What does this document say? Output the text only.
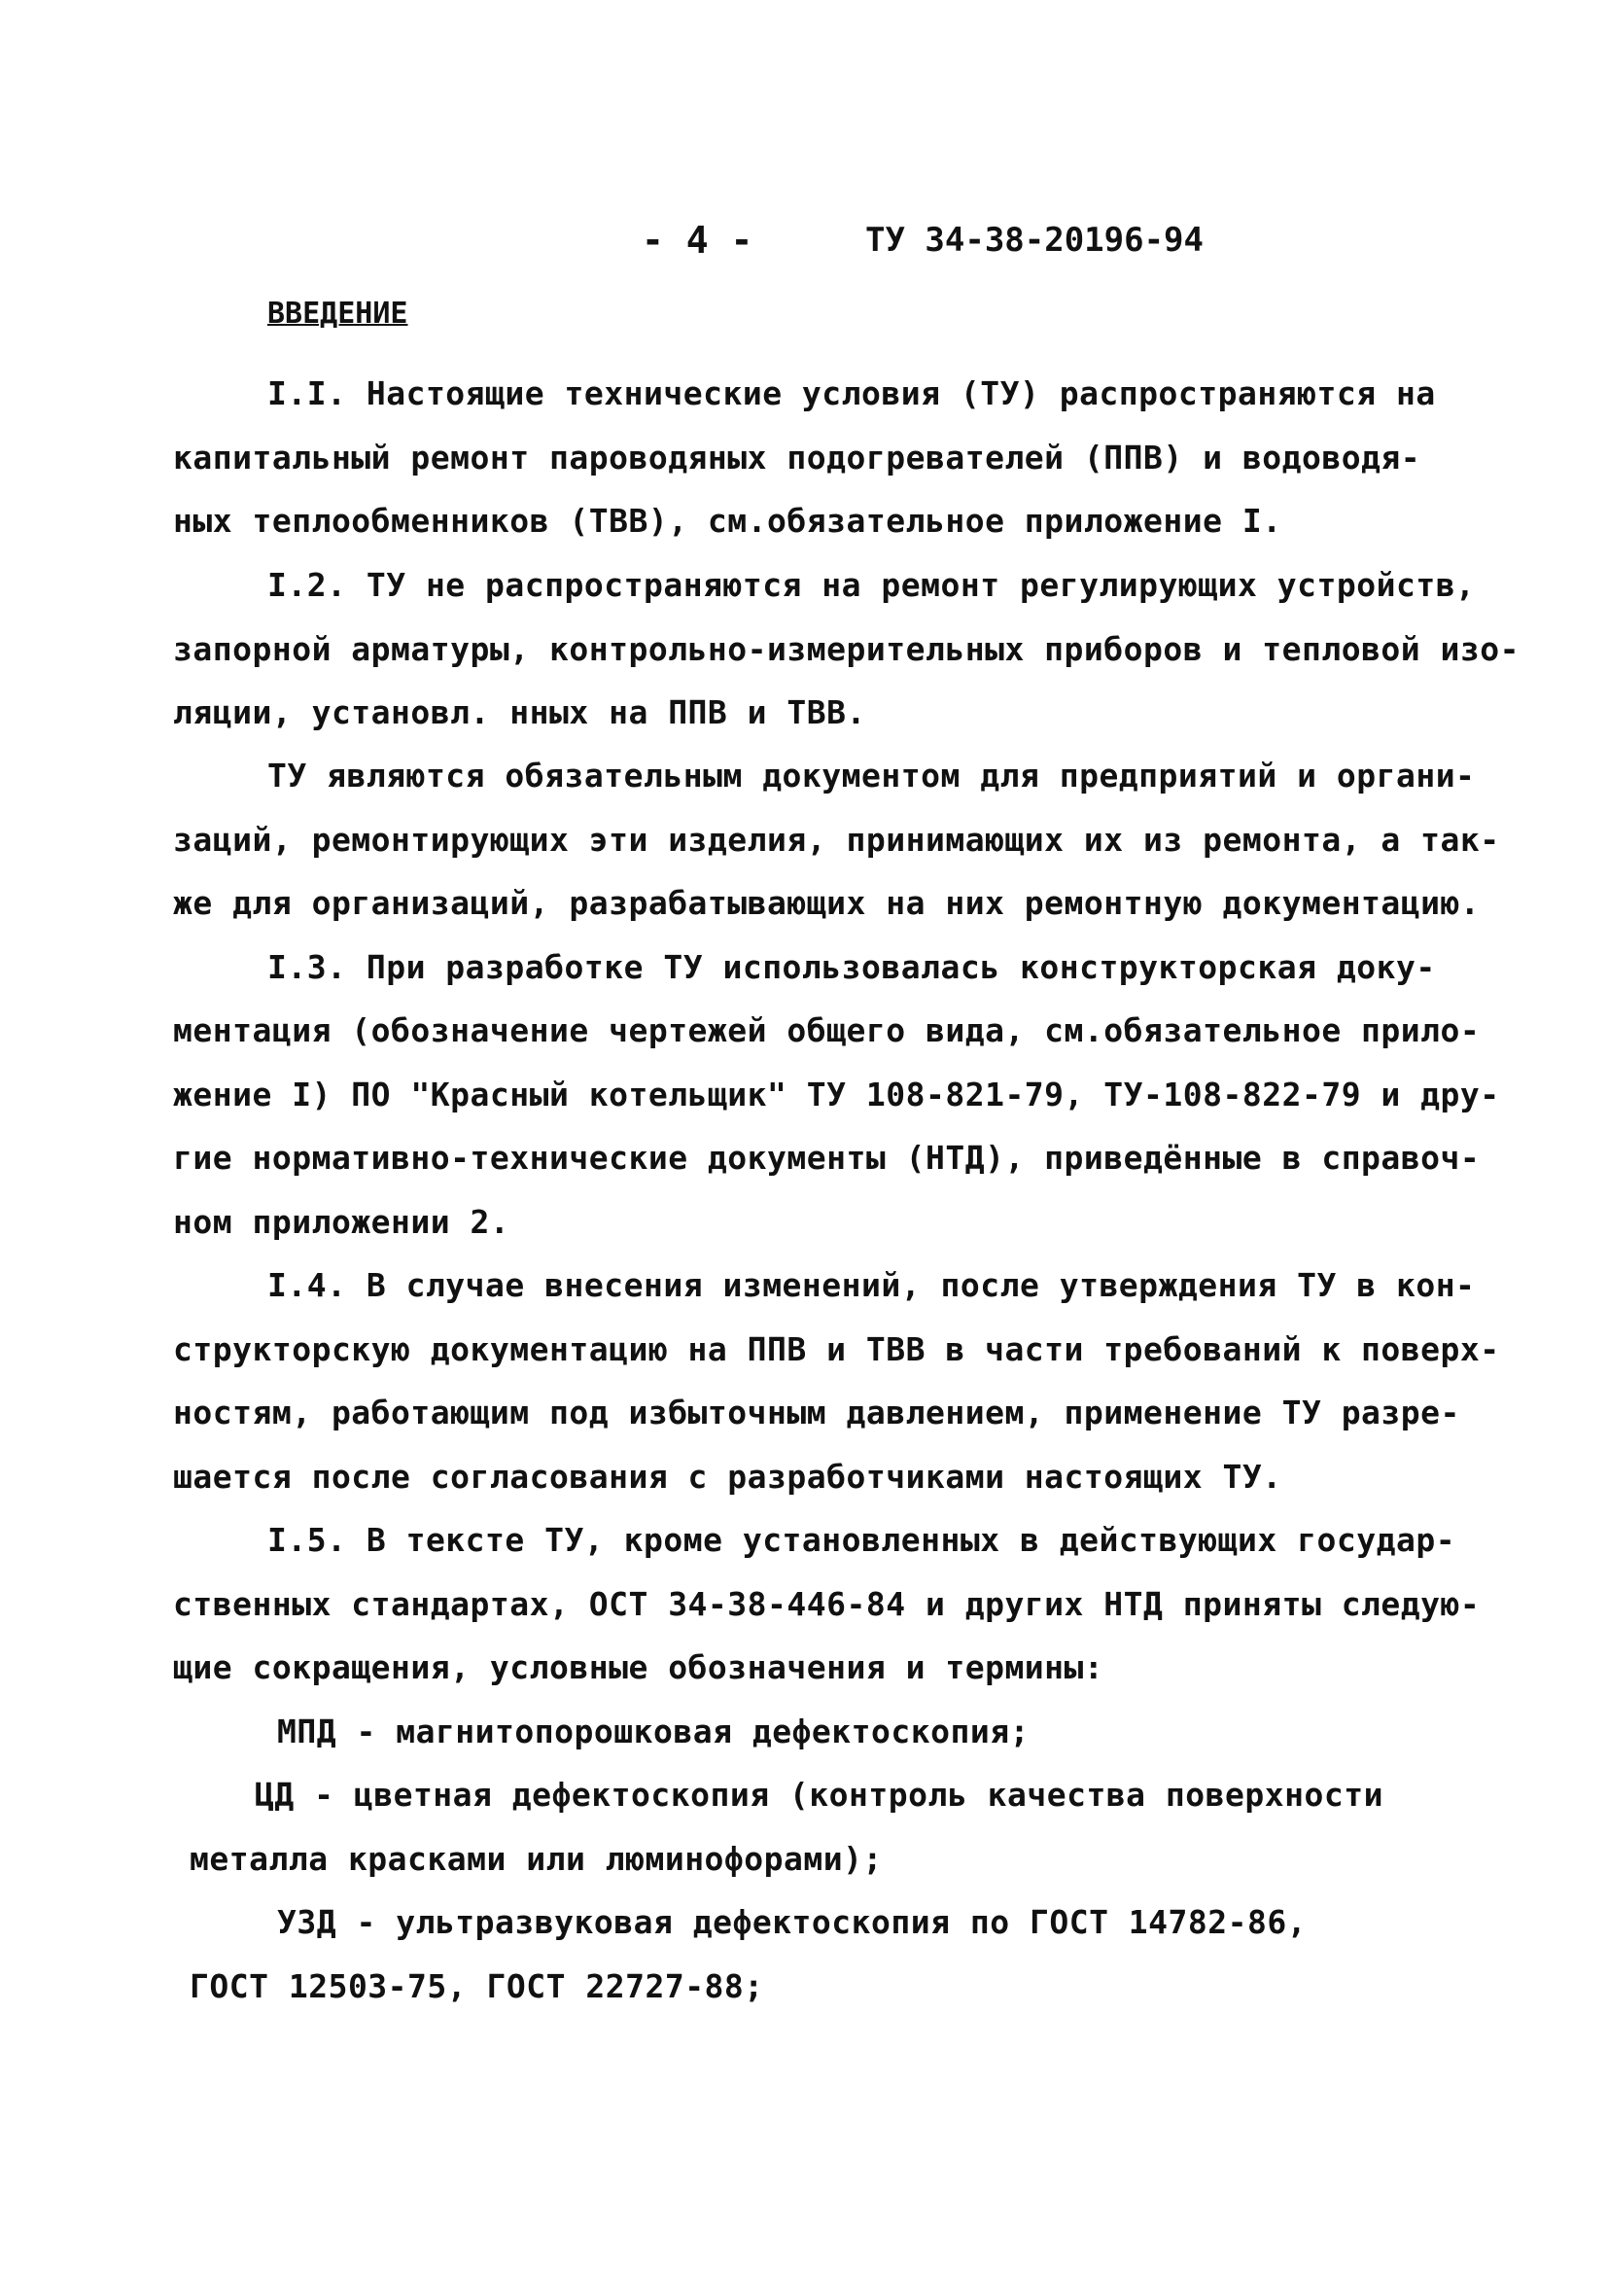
- 4 -	ТУ 34-38-20196-94
ВВЕДЕНИЕ
I.I. Настоящие технические условия (ТУ) распространяются на
капитальный ремонт пароводяных подогревателей (ППВ) и водоводя-
ных теплообменников (ТВВ), см.обязательное приложение I.
I.2. ТУ не распространяются на ремонт регулирующих устройств,
запорной арматуры, контрольно-измерительных приборов и тепловой изо-
ляции, установл. нных на ППВ и ТВВ.
ТУ являются обязательным документом для предприятий и органи-
заций, ремонтирующих эти изделия, принимающих их из ремонта, а так-
же для организаций, разрабатывающих на них ремонтную документацию.
I.3. При разработке ТУ использовалась конструкторская доку-
ментация (обозначение чертежей общего вида, см.обязательное прило-
жение I) ПО "Красный котельщик" ТУ 108-821-79, ТУ-108-822-79 и дру-
гие нормативно-технические документы (НТД), приведённые в справоч-
ном приложении 2.
I.4. В случае внесения изменений, после утверждения ТУ в кон-
структорскую документацию на ППВ и ТВВ в части требований к поверх-
ностям, работающим под избыточным давлением, применение ТУ разре-
шается после согласования с разработчиками настоящих ТУ.
I.5. В тексте ТУ, кроме установленных в действующих государ-
ственных стандартах, ОСТ 34-38-446-84 и других НТД приняты следую-
щие сокращения, условные обозначения и термины:
МПД - магнитопорошковая дефектоскопия;
ЦД - цветная дефектоскопия (контроль качества поверхности
металла красками или люминофорами);
УЗД - ультразвуковая дефектоскопия по ГОСТ 14782-86,
ГОСТ 12503-75, ГОСТ 22727-88;
